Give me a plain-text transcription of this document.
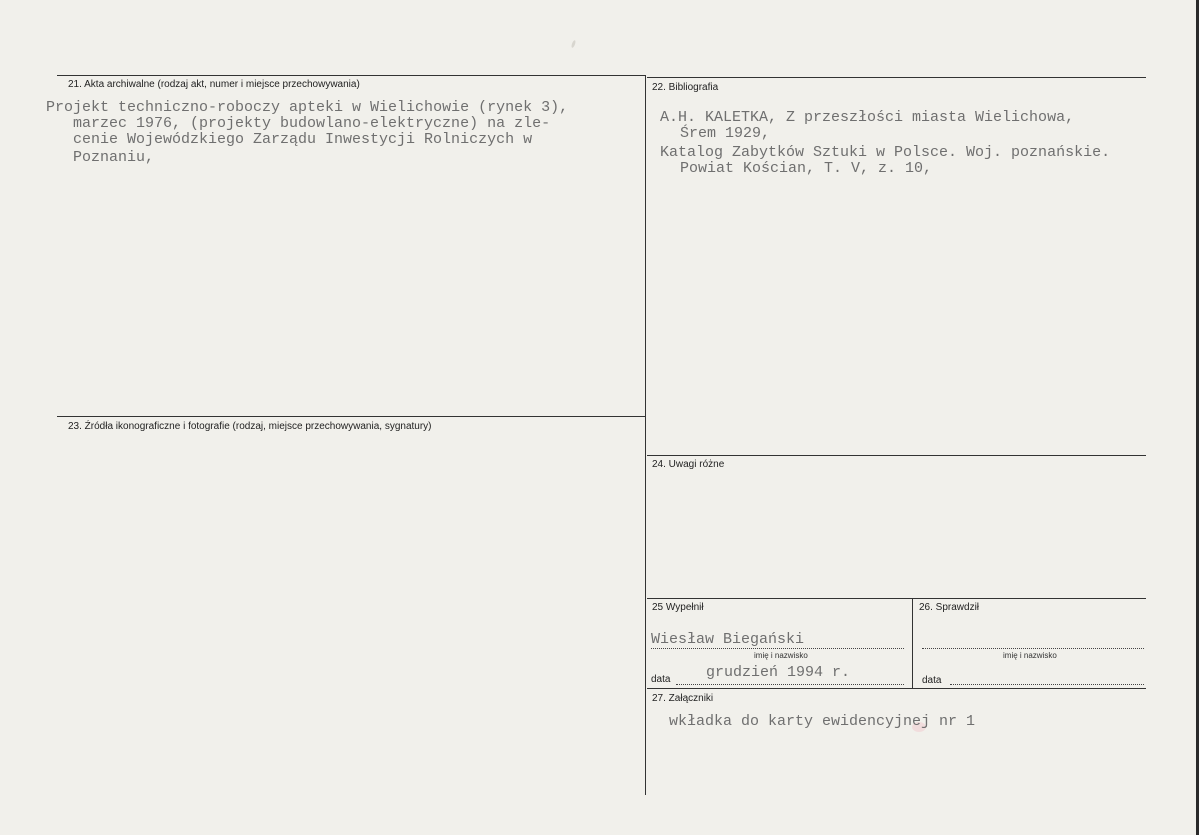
21. Akta archiwalne (rodzaj akt, numer i miejsce przechowywania)
Projekt techniczno-roboczy apteki w Wielichowie (rynek 3),
marzec 1976, (projekty budowlano-elektryczne) na zle-
cenie Wojewódzkiego Zarządu Inwestycji Rolniczych w
Poznaniu,
22. Bibliografia
A.H. KALETKA, Z przeszłości miasta Wielichowa,
Śrem 1929,
Katalog Zabytków Sztuki w Polsce. Woj. poznańskie.
Powiat Kościan, T. V, z. 10,
23. Źródła ikonograficzne i fotografie (rodzaj, miejsce przechowywania, sygnatury)
24. Uwagi różne
25 Wypełnił
Wiesław Biegański
imię i nazwisko
data grudzień 1994 r.
26. Sprawdził
imię i nazwisko
data
27. Załączniki
wkładka do karty ewidencyjnej nr 1
